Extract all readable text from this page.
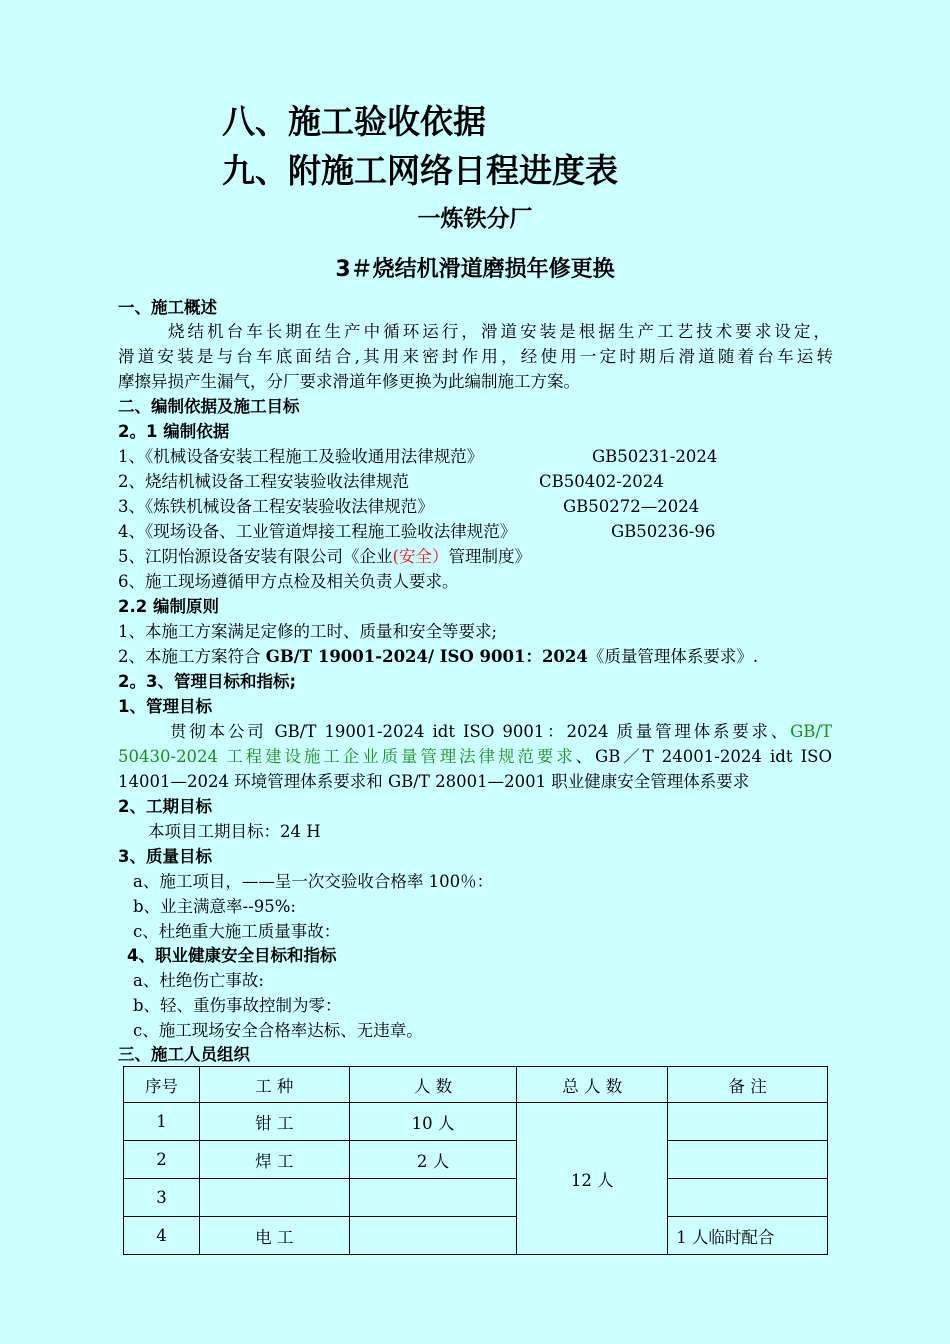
八、施工验收依据
九、附施工网络日程进度表
一炼铁分厂
3＃烧结机滑道磨损年修更换
一、施工概述
烧结机台车长期在生产中循环运行，滑道安装是根据生产工艺技术要求设定，
滑道安装是与台车底面结合,其用来密封作用，经使用一定时期后滑道随着台车运转
摩擦异损产生漏气，分厂要求滑道年修更换为此编制施工方案。
二、编制依据及施工目标
2。1 编制依据
1、《机械设备安装工程施工及验收通用法律规范》	GB50231-2024
2、烧结机械设备工程安装验收法律规范	CB50402-2024
3、《炼铁机械设备工程安装验收法律规范》	GB50272—2024
4、《现场设备、工业管道焊接工程施工验收法律规范》	GB50236-96
5、江阴怡源设备安装有限公司《企业(安全）管理制度》
6、施工现场遵循甲方点检及相关负责人要求。
2.2 编制原则
1、本施工方案满足定修的工时、质量和安全等要求;
2、本施工方案符合 GB/T 19001-2024/ ISO 9001：2024《质量管理体系要求》.
2。3、管理目标和指标;
1、管理目标
贯彻本公司 GB/T 19001-2024 idt ISO 9001：2024 质量管理体系要求、GB/T
50430-2024 工程建设施工企业质量管理法律规范要求、GB／T 24001-2024 idt ISO
14001—2024 环境管理体系要求和 GB/T 28001—2001 职业健康安全管理体系要求
2、工期目标
本项目工期目标：24 H
3、质量目标
a、施工项目，——呈一次交验收合格率 100％：
b、业主满意率--95%:
c、杜绝重大施工质量事故：
4、职业健康安全目标和指标
a、杜绝伤亡事故:
b、轻、重伤事故控制为零：
c、施工现场安全合格率达标、无违章。
三、施工人员组织
序号	工 种	人 数	总 人 数	备 注
1	钳 工	10 人	12 人	
2	焊 工	2 人		
3				
4	电 工			1 人临时配合
